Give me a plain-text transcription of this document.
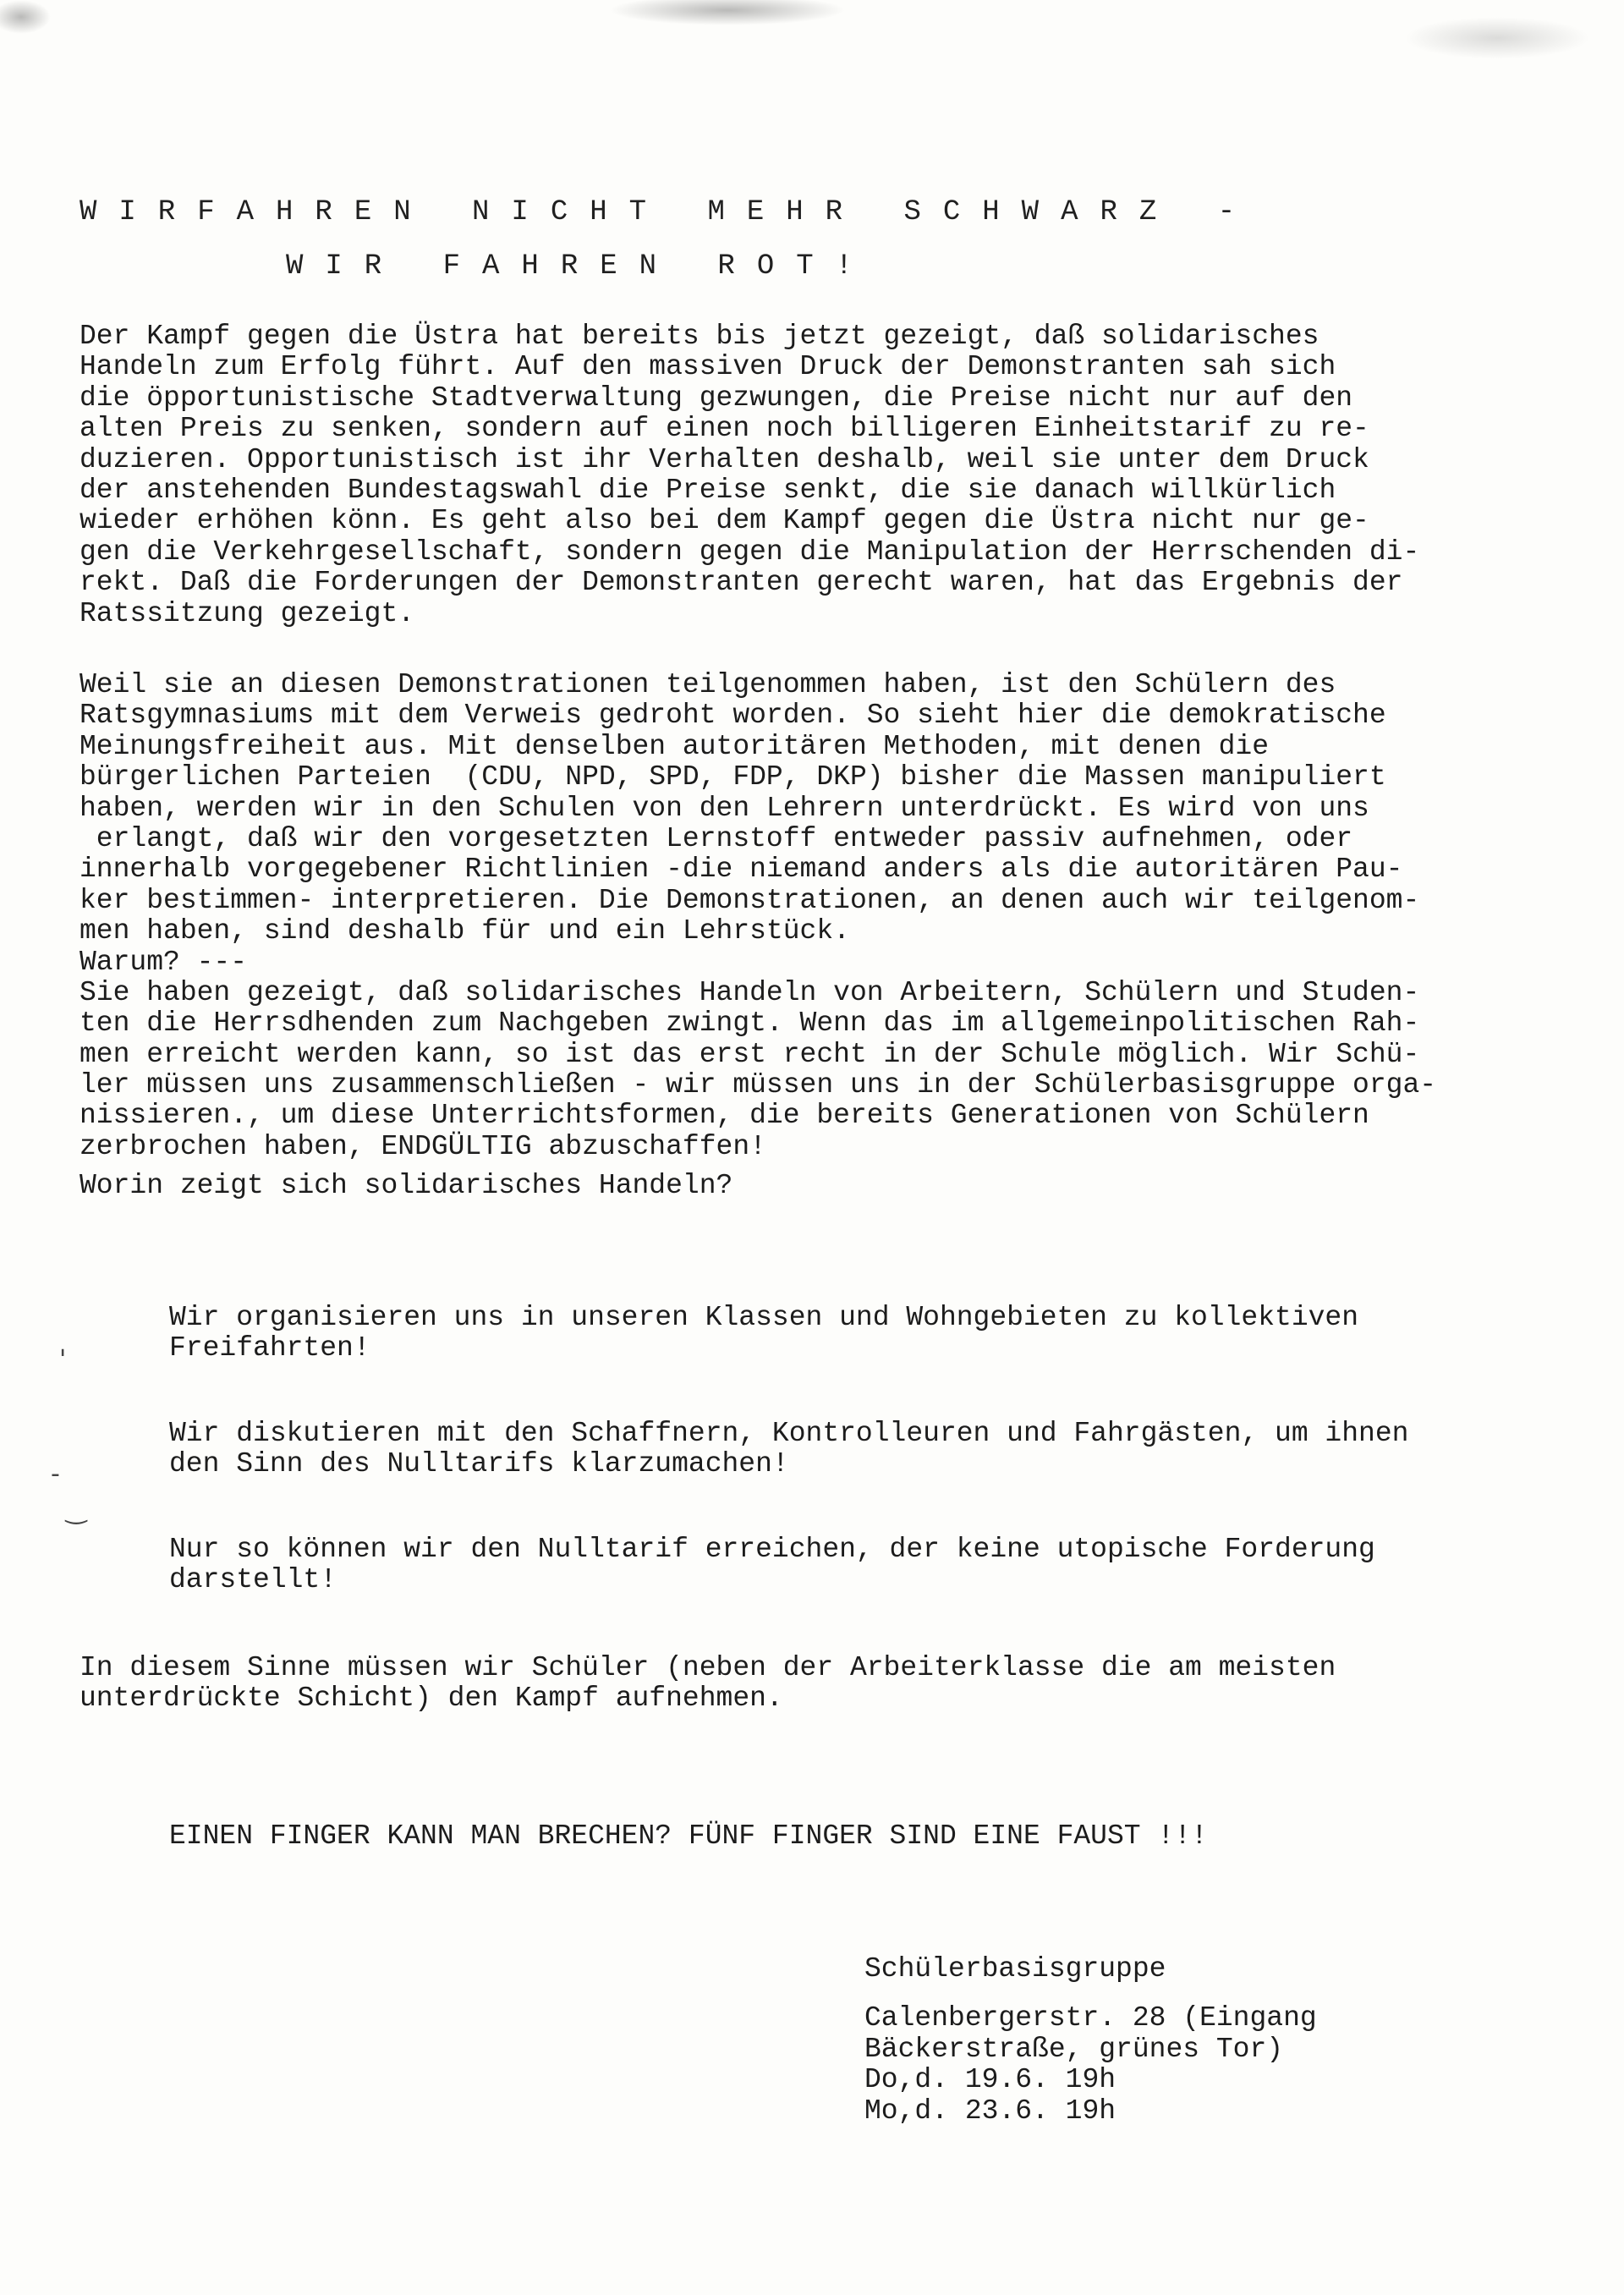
WIRFAHREN NICHT MEHR SCHWARZ -
WIR FAHREN ROT!
Der Kampf gegen die Üstra hat bereits bis jetzt gezeigt, daß solidarisches
Handeln zum Erfolg führt. Auf den massiven Druck der Demonstranten sah sich
die öpportunistische Stadtverwaltung gezwungen, die Preise nicht nur auf den
alten Preis zu senken, sondern auf einen noch billigeren Einheitstarif zu re-
duzieren. Opportunistisch ist ihr Verhalten deshalb, weil sie unter dem Druck
der anstehenden Bundestagswahl die Preise senkt, die sie danach willkürlich
wieder erhöhen könn. Es geht also bei dem Kampf gegen die Üstra nicht nur ge-
gen die Verkehrgesellschaft, sondern gegen die Manipulation der Herrschenden di-
rekt. Daß die Forderungen der Demonstranten gerecht waren, hat das Ergebnis der
Ratssitzung gezeigt.
Weil sie an diesen Demonstrationen teilgenommen haben, ist den Schülern des
Ratsgymnasiums mit dem Verweis gedroht worden. So sieht hier die demokratische
Meinungsfreiheit aus. Mit denselben autoritären Methoden, mit denen die
bürgerlichen Parteien  (CDU, NPD, SPD, FDP, DKP) bisher die Massen manipuliert
haben, werden wir in den Schulen von den Lehrern unterdrückt. Es wird von uns
erlangt, daß wir den vorgesetzten Lernstoff entweder passiv aufnehmen, oder
innerhalb vorgegebener Richtlinien -die niemand anders als die autoritären Pau-
ker bestimmen- interpretieren. Die Demonstrationen, an denen auch wir teilgenom-
men haben, sind deshalb für und ein Lehrstück.
Warum? ---
Sie haben gezeigt, daß solidarisches Handeln von Arbeitern, Schülern und Studen-
ten die Herrsdhenden zum Nachgeben zwingt. Wenn das im allgemeinpolitischen Rah-
men erreicht werden kann, so ist das erst recht in der Schule möglich. Wir Schü-
ler müssen uns zusammenschließen - wir müssen uns in der Schülerbasisgruppe orga-
nissieren., um diese Unterrichtsformen, die bereits Generationen von Schülern
zerbrochen haben, ENDGÜLTIG abzuschaffen!
Worin zeigt sich solidarisches Handeln?
'
-
‿
Wir organisieren uns in unseren Klassen und Wohngebieten zu kollektiven
Freifahrten!
Wir diskutieren mit den Schaffnern, Kontrolleuren und Fahrgästen, um ihnen
den Sinn des Nulltarifs klarzumachen!
Nur so können wir den Nulltarif erreichen, der keine utopische Forderung
darstellt!
In diesem Sinne müssen wir Schüler (neben der Arbeiterklasse die am meisten
unterdrückte Schicht) den Kampf aufnehmen.
EINEN FINGER KANN MAN BRECHEN? FÜNF FINGER SIND EINE FAUST !!!
Schülerbasisgruppe
Calenbergerstr. 28 (Eingang
Bäckerstraße, grünes Tor)
Do,d. 19.6. 19h
Mo,d. 23.6. 19h
